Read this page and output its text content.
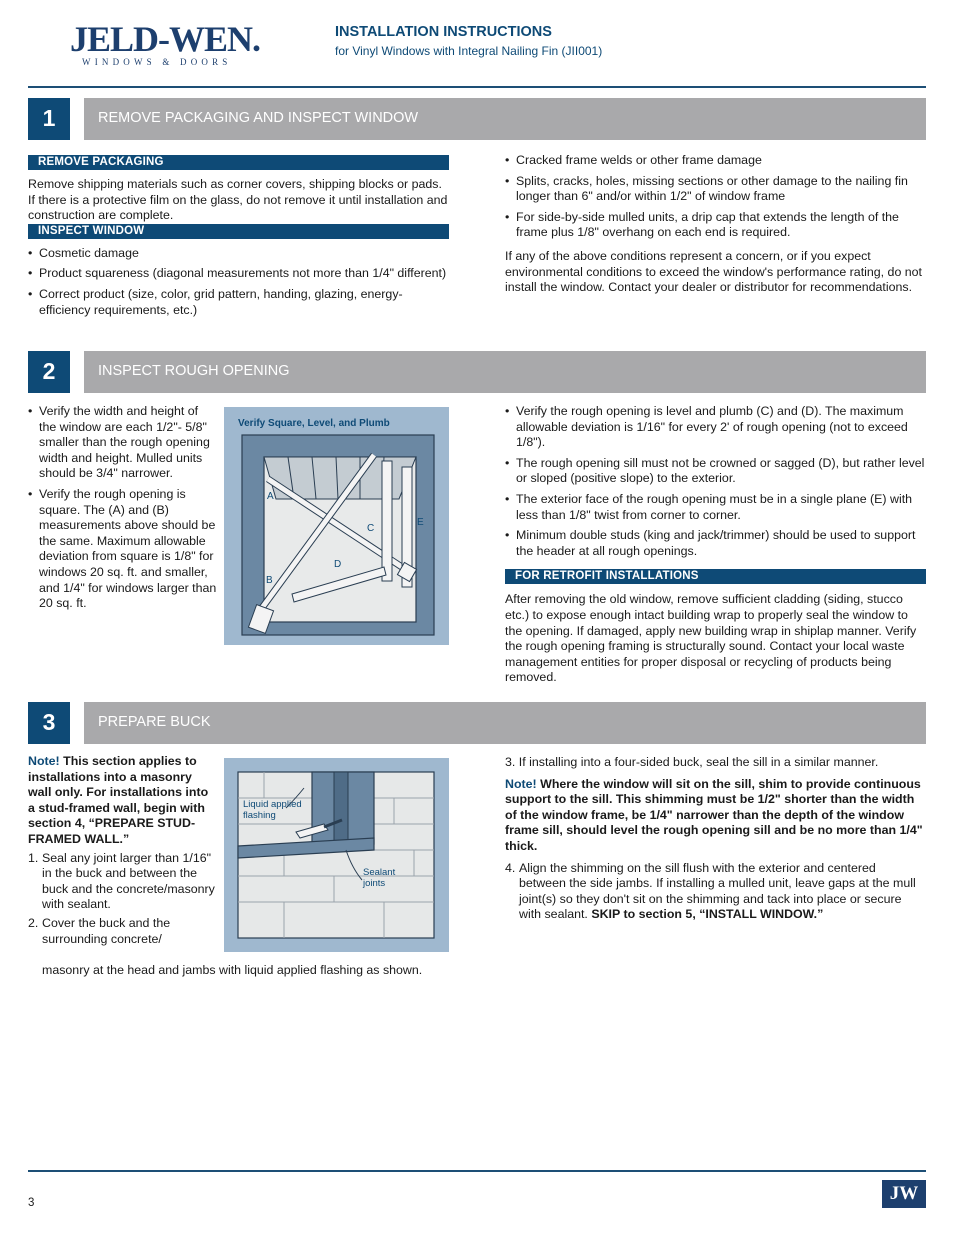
JELD-WEN.
WINDOWS & DOORS
INSTALLATION INSTRUCTIONS
for Vinyl Windows with Integral Nailing Fin (JII001)
1	REMOVE PACKAGING AND INSPECT WINDOW
REMOVE PACKAGING

Remove shipping materials such as corner covers, shipping blocks or pads. If there is a protective film on the glass, do not remove it until installation and construction are complete.

INSPECT WINDOW
• Cosmetic damage
• Product squareness (diagonal measurements not more than 1/4" different)
• Correct product (size, color, grid pattern, handing, glazing, energy-efficiency requirements, etc.)
• Cracked frame welds or other frame damage
• Splits, cracks, holes, missing sections or other damage to the nailing fin longer than 6" and/or within 1/2" of window frame
• For side-by-side mulled units, a drip cap that extends the length of the frame plus 1/8" overhang on each end is required.

If any of the above conditions represent a concern, or if you expect environmental conditions to exceed the window's performance rating, do not install the window. Contact your dealer or distributor for recommendations.

2	INSPECT ROUGH OPENING
• Verify the width and height of the window are each 1/2"- 5/8" smaller than the rough opening width and height. Mulled units should be 3/4" narrower.
• Verify the rough opening is square. The (A) and (B) measurements above should be the same. Maximum allowable deviation from square is 1/8" for windows 20 sq. ft. and smaller, and 1/4" for windows larger than 20 sq. ft.
Verify Square, Level, and Plumb
A
B
C
D
E
• Verify the rough opening is level and plumb (C) and (D). The maximum allowable deviation is 1/16" for every 2' of rough opening (not to exceed 1/8").
• The rough opening sill must not be crowned or sagged (D), but rather level or sloped (positive slope) to the exterior.
• The exterior face of the rough opening must be in a single plane (E) with less than 1/8" twist from corner to corner.
• Minimum double studs (king and jack/trimmer) should be used to support the header at all rough openings.
FOR RETROFIT INSTALLATIONS

After removing the old window, remove sufficient cladding (siding, stucco etc.) to expose enough intact building wrap to properly seal the window to the opening. If damaged, apply new building wrap in shiplap manner. Verify the rough opening framing is structurally sound. Contact your local waste management entities for proper disposal or recycling of products being removed.

3	PREPARE BUCK

Note! This section applies to installations into a masonry wall only. For installations into a stud-framed wall, begin with section 4, “PREPARE STUD-FRAMED WALL.”

1. Seal any joint larger than 1/16" in the buck and between the buck and the concrete/masonry with sealant.
2. Cover the buck and the surrounding concrete/
masonry at the head and jambs with liquid applied flashing as shown.
Liquid applied flashing
Sealant joints

3. If installing into a four-sided buck, seal the sill in a similar manner.

Note! Where the window will sit on the sill, shim to provide continuous support to the sill. This shimming must be 1/2" shorter than the width of the window frame, be 1/4" narrower than the depth of the window frame sill, should level the rough opening sill and be no more than 1/4" thick.

4. Align the shimming on the sill flush with the exterior and centered between the side jambs. If installing a mulled unit, leave gaps at the mull joint(s) so they don't sit on the shimming and tack into place or secure with sealant. SKIP to section 5, “INSTALL WINDOW.”

3	JW
